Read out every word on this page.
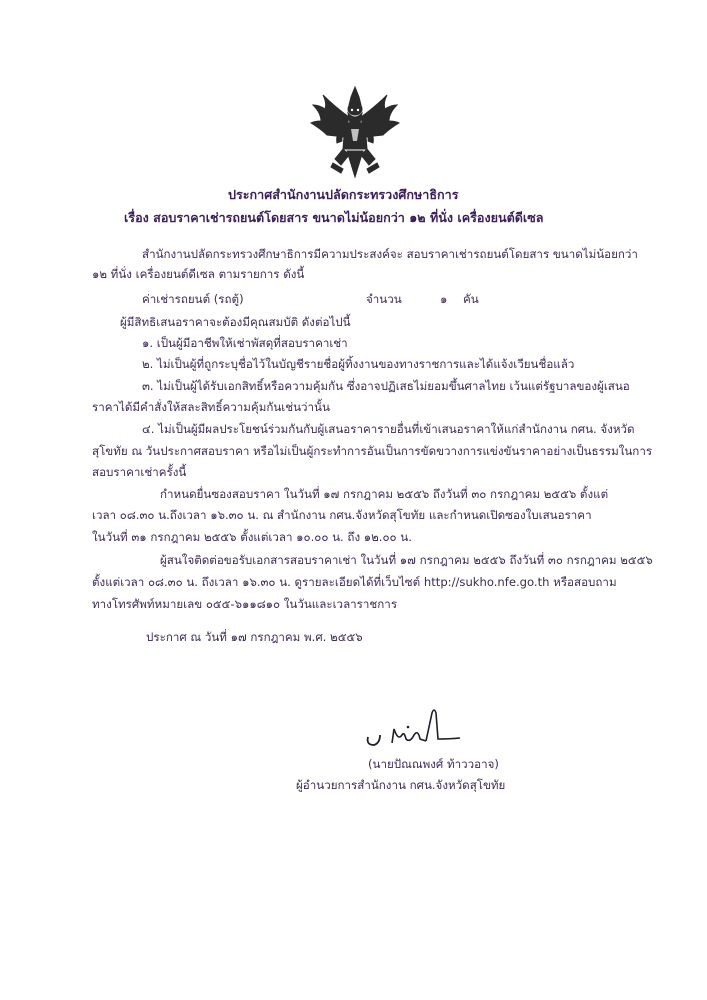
ประกาศสำนักงานปลัดกระทรวงศึกษาธิการ
เรื่อง สอบราคาเช่ารถยนต์โดยสาร ขนาดไม่น้อยกว่า ๑๒ ที่นั่ง เครื่องยนต์ดีเซล
สำนักงานปลัดกระทรวงศึกษาธิการมีความประสงค์จะ สอบราคาเช่ารถยนต์โดยสาร ขนาดไม่น้อยกว่า
๑๒ ที่นั่ง เครื่องยนต์ดีเซล ตามรายการ ดังนี้
ค่าเช่ารถยนต์ (รถตู้)	จำนวน	๑ คัน
ผู้มีสิทธิเสนอราคาจะต้องมีคุณสมบัติ ดังต่อไปนี้
๑. เป็นผู้มีอาชีพให้เช่าพัสดุที่สอบราคาเช่า
๒. ไม่เป็นผู้ที่ถูกระบุชื่อไว้ในบัญชีรายชื่อผู้ทิ้งงานของทางราชการและได้แจ้งเวียนชื่อแล้ว
๓. ไม่เป็นผู้ได้รับเอกสิทธิ์หรือความคุ้มกัน ซึ่งอาจปฏิเสธไม่ยอมขึ้นศาลไทย เว้นแต่รัฐบาลของผู้เสนอ
ราคาได้มีคำสั่งให้สละสิทธิ์ความคุ้มกันเช่นว่านั้น
๔. ไม่เป็นผู้มีผลประโยชน์ร่วมกันกับผู้เสนอราคารายอื่นที่เข้าเสนอราคาให้แก่สำนักงาน กศน. จังหวัด
สุโขทัย ณ วันประกาศสอบราคา หรือไม่เป็นผู้กระทำการอันเป็นการขัดขวางการแข่งขันราคาอย่างเป็นธรรมในการ
สอบราคาเช่าครั้งนี้
กำหนดยื่นซองสอบราคา ในวันที่ ๑๗ กรกฎาคม ๒๕๕๖ ถึงวันที่ ๓๐ กรกฎาคม ๒๕๕๖ ตั้งแต่
เวลา ๐๘.๓๐ น.ถึงเวลา ๑๖.๓๐ น. ณ สำนักงาน กศน.จังหวัดสุโขทัย และกำหนดเปิดซองใบเสนอราคา
ในวันที่ ๓๑ กรกฎาคม ๒๕๕๖ ตั้งแต่เวลา ๑๐.๐๐ น. ถึง ๑๒.๐๐ น.
ผู้สนใจติดต่อขอรับเอกสารสอบราคาเช่า ในวันที่ ๑๗ กรกฎาคม ๒๕๕๖ ถึงวันที่ ๓๐ กรกฎาคม ๒๕๕๖
ตั้งแต่เวลา ๐๘.๓๐ น. ถึงเวลา ๑๖.๓๐ น. ดูรายละเอียดได้ที่เว็บไซต์ http://sukho.nfe.go.th หรือสอบถาม
ทางโทรศัพท์หมายเลข ๐๕๕-๖๑๑๘๑๐ ในวันและเวลาราชการ
ประกาศ ณ วันที่ ๑๗ กรกฎาคม พ.ศ. ๒๕๕๖
(นายปัณณพงศ์ ท้าววอาจ)
ผู้อำนวยการสำนักงาน กศน.จังหวัดสุโขทัย
